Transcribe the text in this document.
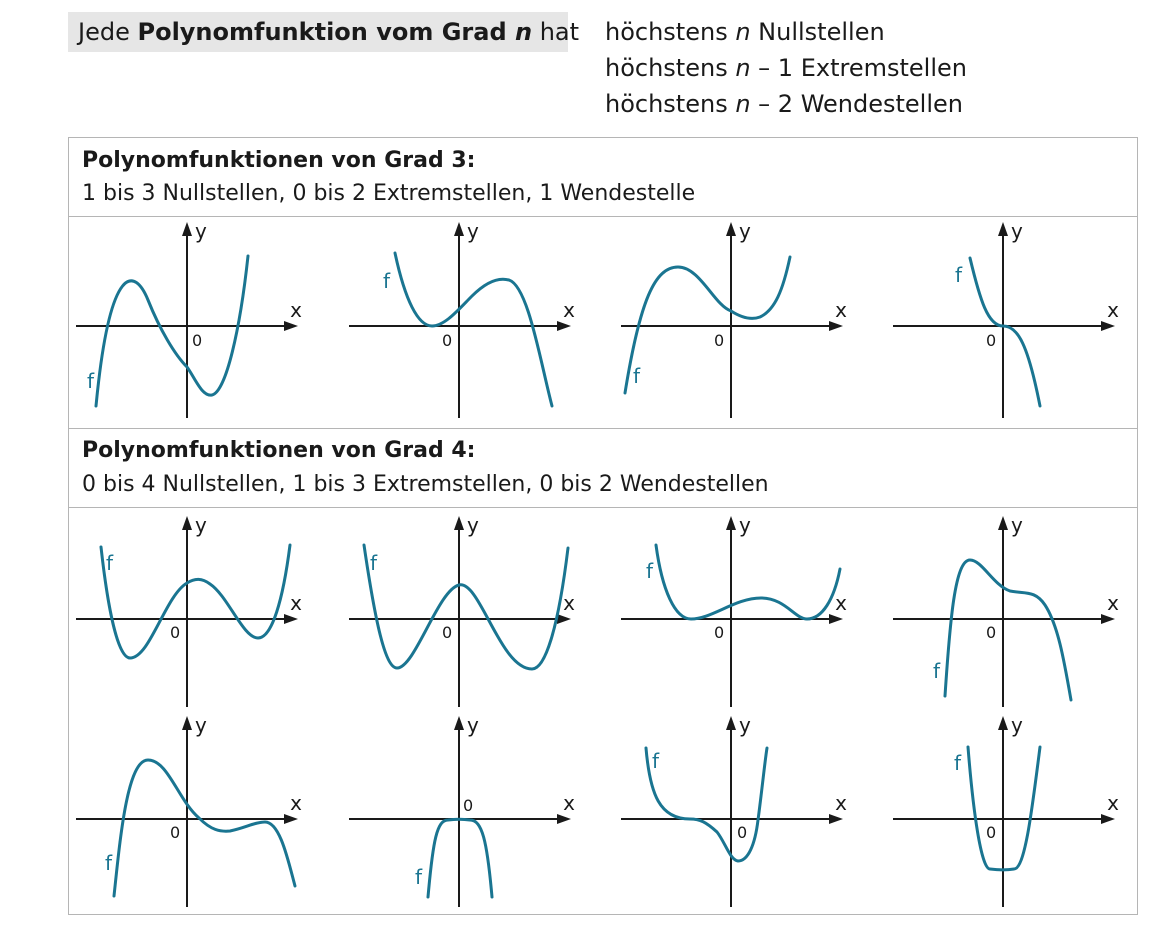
Jede Polynomfunktion vom Grad n hat höchstens n Nullstellen
höchstens n – 1 Extremstellen
höchstens n – 2 Wendestellen
Polynomfunktionen von Grad 3:
1 bis 3 Nullstellen, 0 bis 2 Extremstellen, 1 Wendestelle
Polynomfunktionen von Grad 4:
0 bis 4 Nullstellen, 1 bis 3 Extremstellen, 0 bis 2 Wendestellen
x
y
0
f
x
y
0
f
x
y
0
f
x
y
0
f
x
y
0
f
x
y
0
f
x
y
0
f
x
y
0
f
x
y
0
f
x
y
0
f
x
y
0
f
x
y
0
f
